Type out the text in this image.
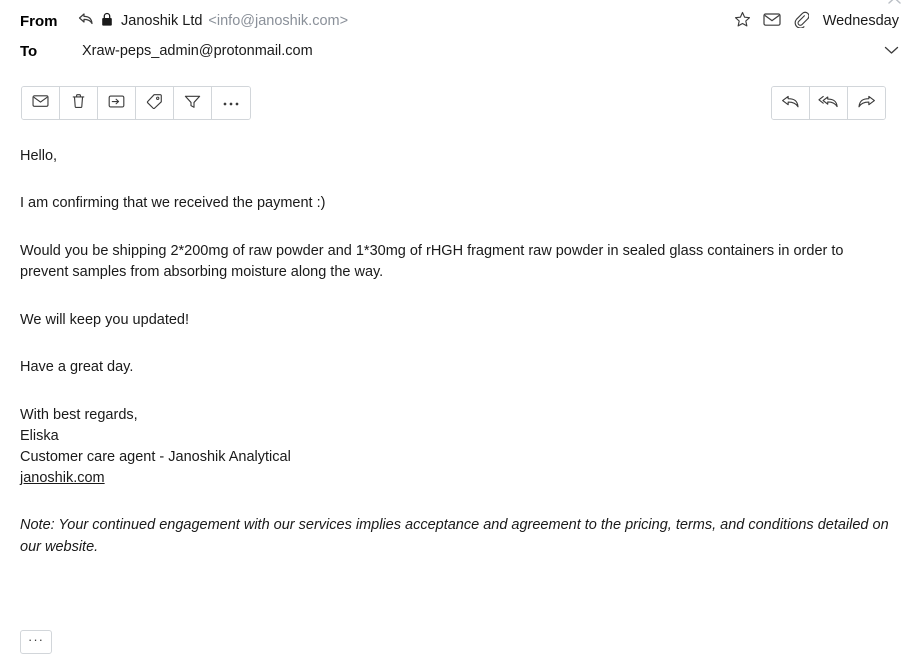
From	Janoshik Ltd <info@janoshik.com>	Wednesday
To	Xraw-peps_admin@protonmail.com

Hello,

I am confirming that we received the payment :)

Would you be shipping 2*200mg of raw powder and 1*30mg of rHGH fragment raw powder in sealed glass containers in order to prevent samples from absorbing moisture along the way.

We will keep you updated!

Have a great day.

With best regards,
Eliska
Customer care agent - Janoshik Analytical
janoshik.com

Note: Your continued engagement with our services implies acceptance and agreement to the pricing, terms, and conditions detailed on our website.

···
